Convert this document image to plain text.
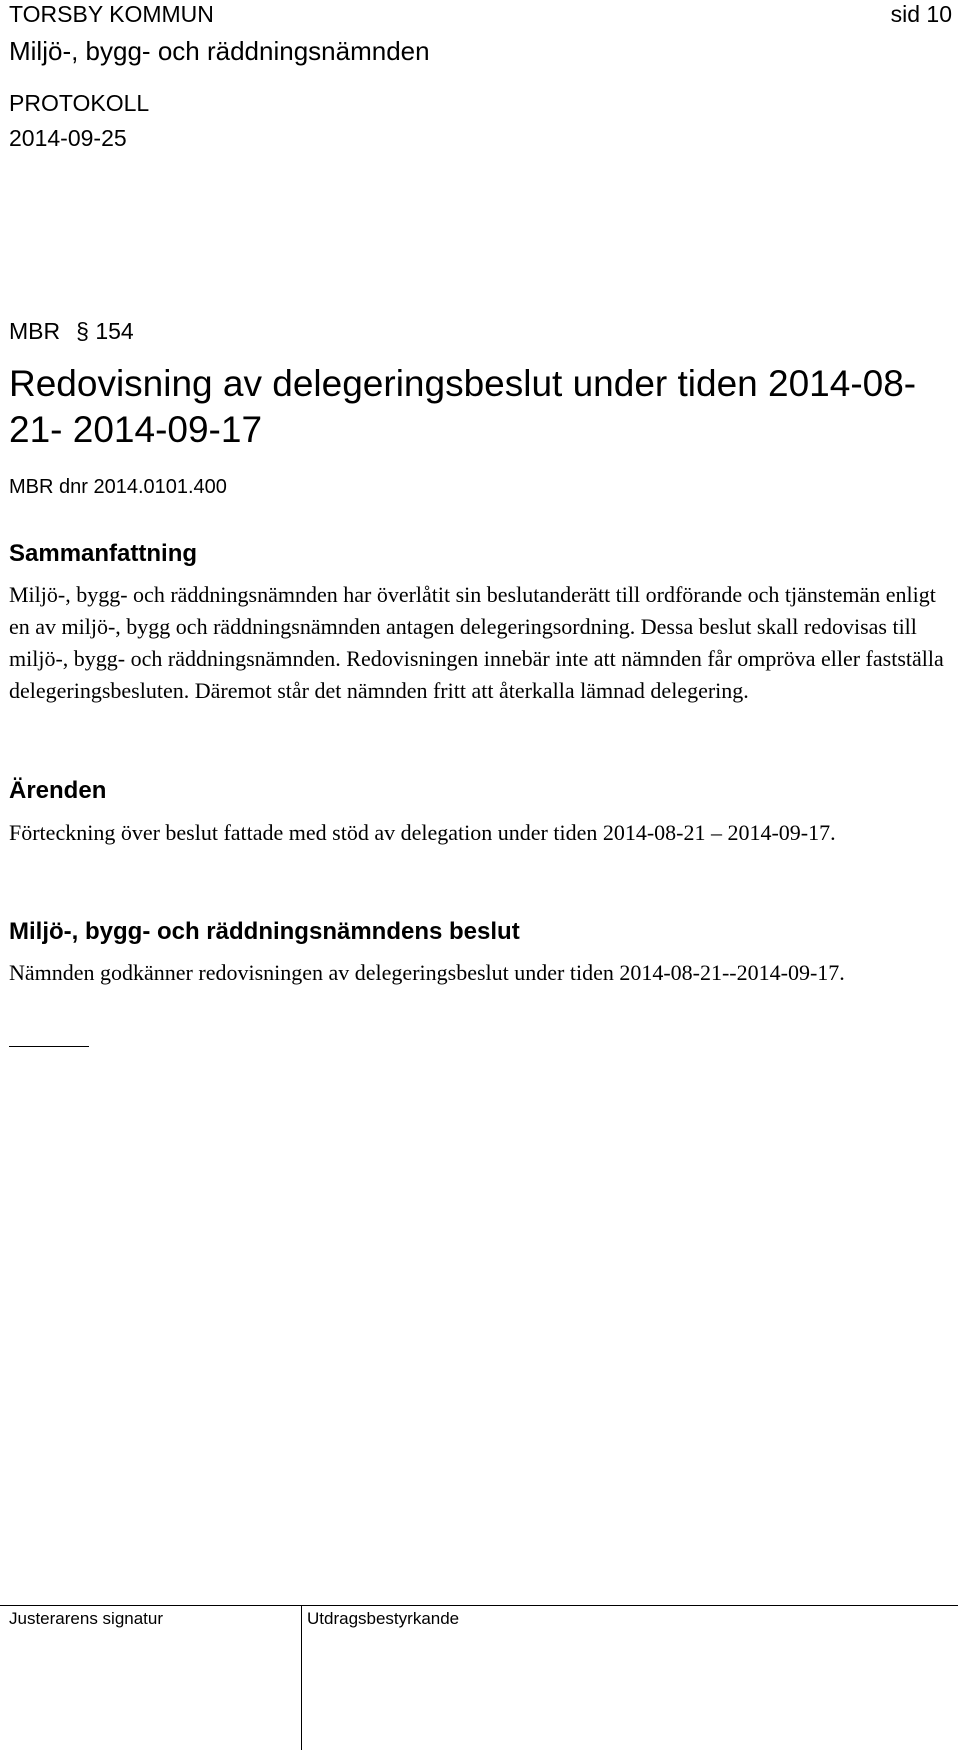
TORSBY KOMMUN
Miljö-, bygg- och räddningsnämnden
sid 10
PROTOKOLL
2014-09-25
MBR § 154
Redovisning av delegeringsbeslut under tiden 2014-08-21- 2014-09-17
MBR dnr 2014.0101.400
Sammanfattning
Miljö-, bygg- och räddningsnämnden har överlåtit sin beslutanderätt till ordförande och tjänstemän enligt en av miljö-, bygg och räddningsnämnden antagen delegeringsordning. Dessa beslut skall redovisas till miljö-, bygg- och räddningsnämnden. Redovisningen innebär inte att nämnden får ompröva eller fastställa delegeringsbesluten. Däremot står det nämnden fritt att återkalla lämnad delegering.
Ärenden
Förteckning över beslut fattade med stöd av delegation under tiden 2014-08-21 – 2014-09-17.
Miljö-, bygg- och räddningsnämndens beslut
Nämnden godkänner redovisningen av delegeringsbeslut under tiden 2014-08-21--2014-09-17.
Justerarens signatur	Utdragsbestyrkande
